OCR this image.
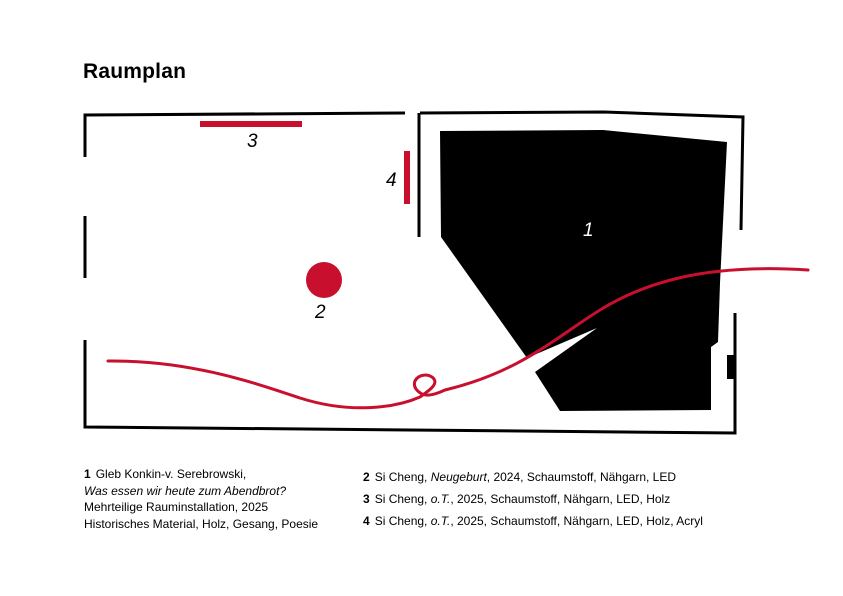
Raumplan
1
2
3
4
1 Gleb Konkin-v. Serebrowski,
Was essen wir heute zum Abendbrot?
Mehrteilige Rauminstallation, 2025
Historisches Material, Holz, Gesang, Poesie
2 Si Cheng, Neugeburt, 2024, Schaumstoff, Nähgarn, LED
3 Si Cheng, o.T., 2025, Schaumstoff, Nähgarn, LED, Holz
4 Si Cheng, o.T., 2025, Schaumstoff, Nähgarn, LED, Holz, Acryl
